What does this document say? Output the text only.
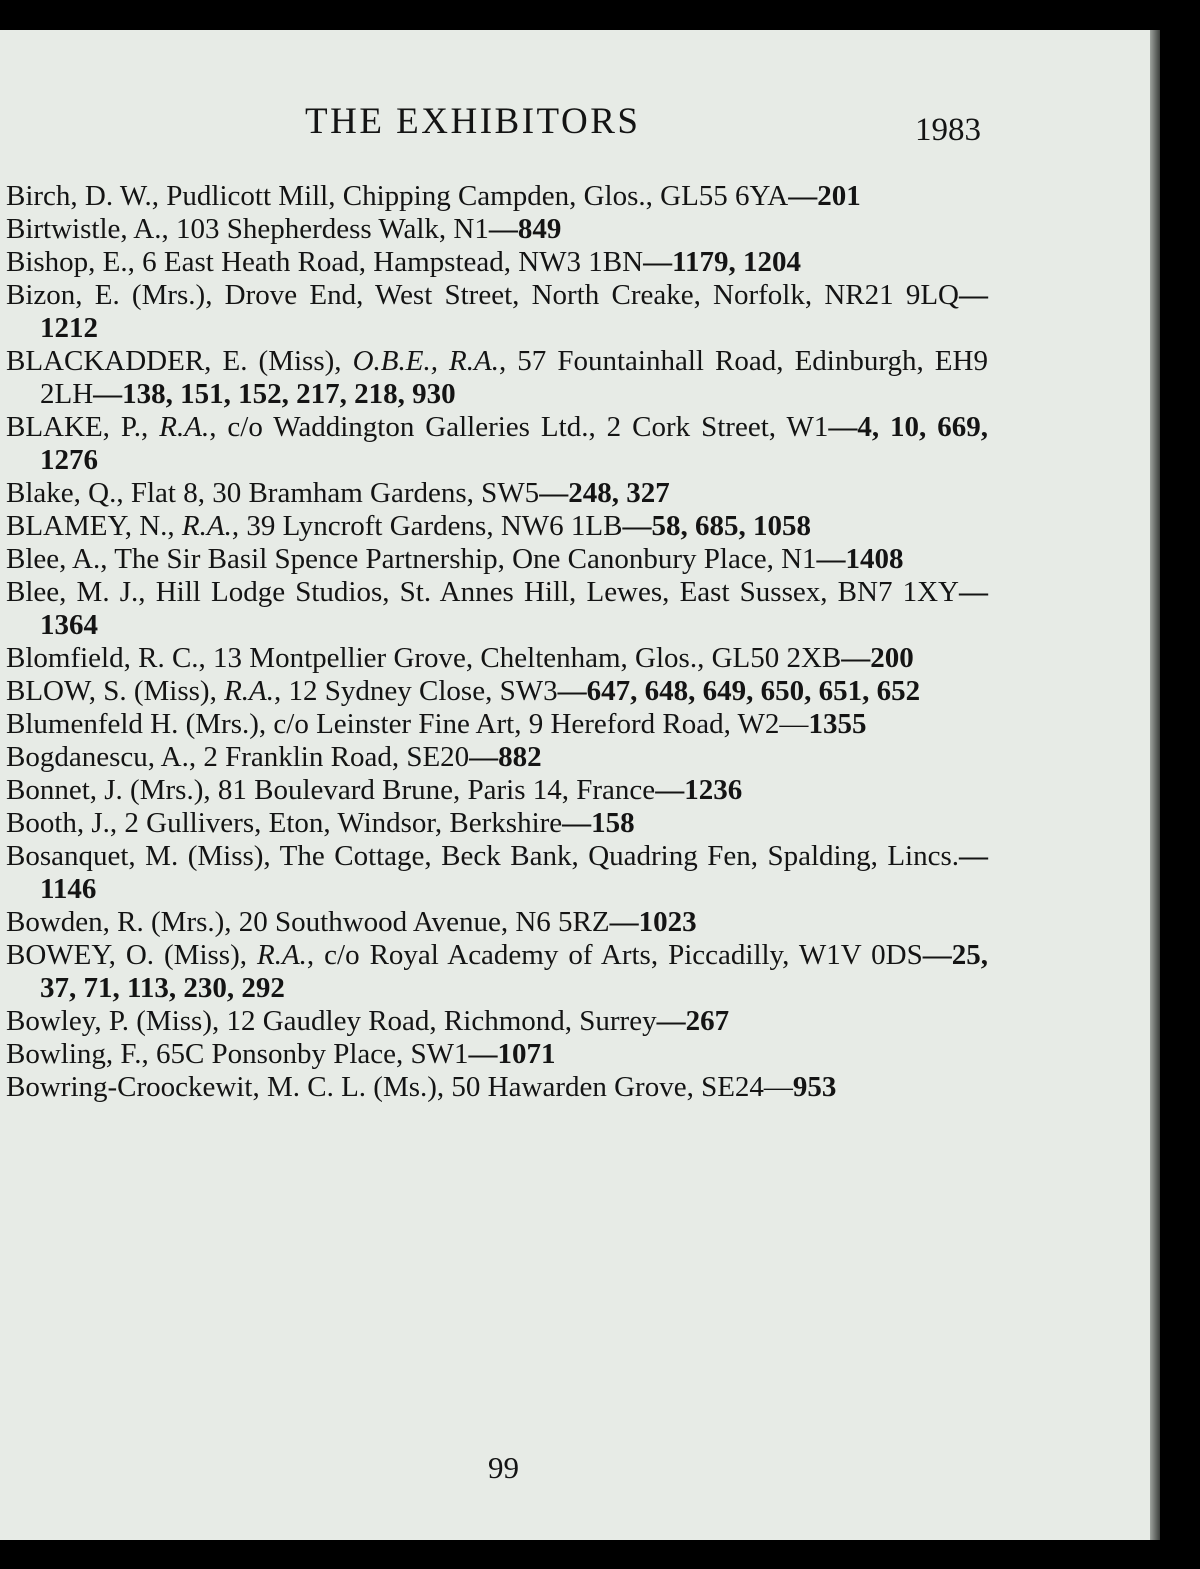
THE EXHIBITORS	1983
Birch, D. W., Pudlicott Mill, Chipping Campden, Glos., GL55 6YA—201
Birtwistle, A., 103 Shepherdess Walk, N1—849
Bishop, E., 6 East Heath Road, Hampstead, NW3 1BN—1179, 1204
Bizon, E. (Mrs.), Drove End, West Street, North Creake, Norfolk, NR21 9LQ—1212
BLACKADDER, E. (Miss), O.B.E., R.A., 57 Fountainhall Road, Edinburgh, EH9 2LH—138, 151, 152, 217, 218, 930
BLAKE, P., R.A., c/o Waddington Galleries Ltd., 2 Cork Street, W1—4, 10, 669, 1276
Blake, Q., Flat 8, 30 Bramham Gardens, SW5—248, 327
BLAMEY, N., R.A., 39 Lyncroft Gardens, NW6 1LB—58, 685, 1058
Blee, A., The Sir Basil Spence Partnership, One Canonbury Place, N1—1408
Blee, M. J., Hill Lodge Studios, St. Annes Hill, Lewes, East Sussex, BN7 1XY—1364
Blomfield, R. C., 13 Montpellier Grove, Cheltenham, Glos., GL50 2XB—200
BLOW, S. (Miss), R.A., 12 Sydney Close, SW3—647, 648, 649, 650, 651, 652
Blumenfeld H. (Mrs.), c/o Leinster Fine Art, 9 Hereford Road, W2—1355
Bogdanescu, A., 2 Franklin Road, SE20—882
Bonnet, J. (Mrs.), 81 Boulevard Brune, Paris 14, France—1236
Booth, J., 2 Gullivers, Eton, Windsor, Berkshire—158
Bosanquet, M. (Miss), The Cottage, Beck Bank, Quadring Fen, Spalding, Lincs.—1146
Bowden, R. (Mrs.), 20 Southwood Avenue, N6 5RZ—1023
BOWEY, O. (Miss), R.A., c/o Royal Academy of Arts, Piccadilly, W1V 0DS—25, 37, 71, 113, 230, 292
Bowley, P. (Miss), 12 Gaudley Road, Richmond, Surrey—267
Bowling, F., 65C Ponsonby Place, SW1—1071
Bowring-Croockewit, M. C. L. (Ms.), 50 Hawarden Grove, SE24—953
99
